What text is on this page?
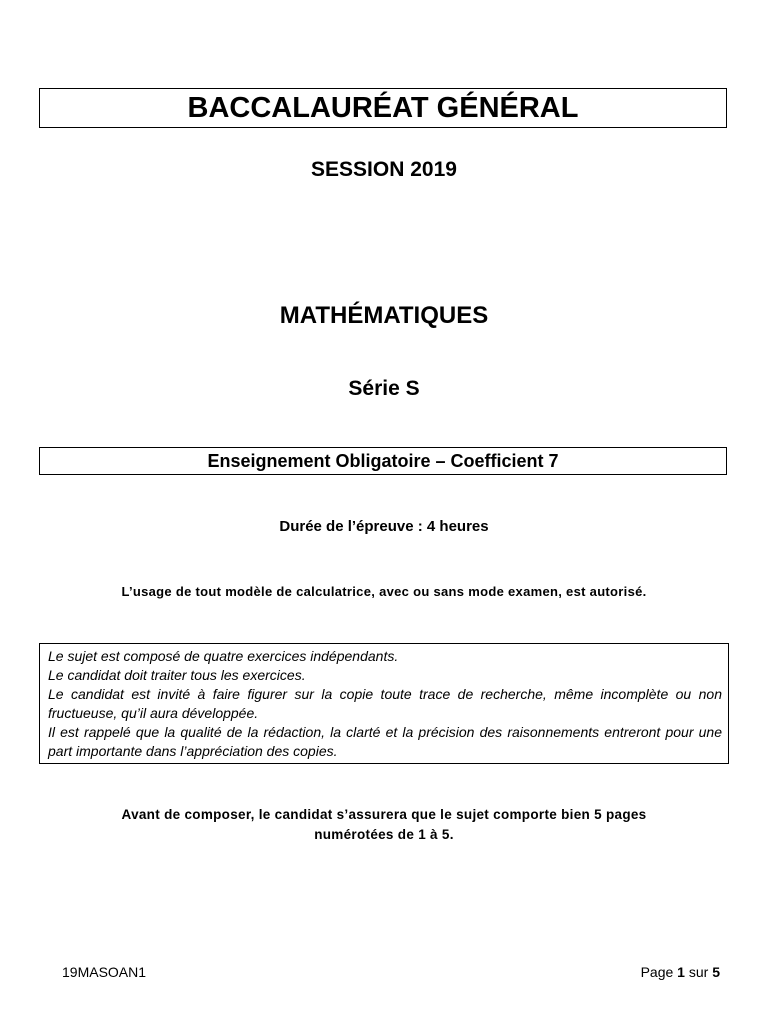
BACCALAURÉAT GÉNÉRAL
SESSION 2019
MATHÉMATIQUES
Série S
Enseignement Obligatoire – Coefficient 7
Durée de l’épreuve : 4 heures
L’usage de tout modèle de calculatrice, avec ou sans mode examen, est autorisé.

Le sujet est composé de quatre exercices indépendants.

Le candidat doit traiter tous les exercices.

Le candidat est invité à faire figurer sur la copie toute trace de recherche, même incomplète ou non fructueuse, qu’il aura développée.

Il est rappelé que la qualité de la rédaction, la clarté et la précision des raisonnements entreront pour une part importante dans l’appréciation des copies.

Avant de composer, le candidat s’assurera que le sujet comporte bien 5 pages
numérotées de 1 à 5.
19MASOAN1	Page 1 sur 5
